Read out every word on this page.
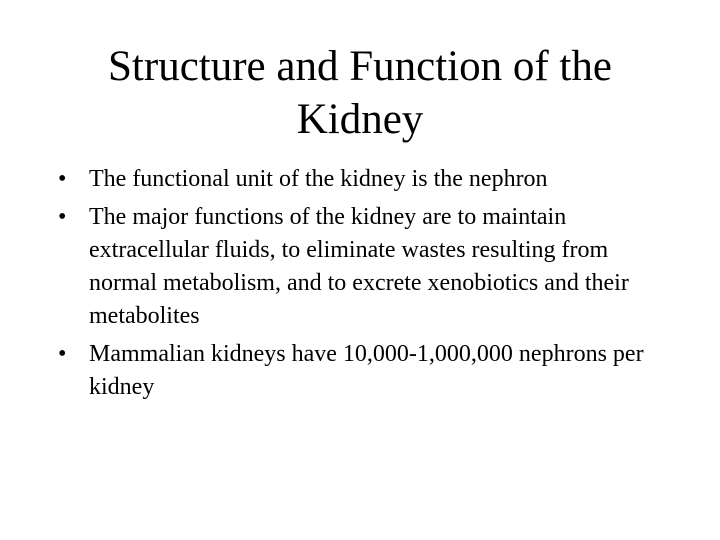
Structure and Function of the Kidney
• The functional unit of the kidney is the nephron
• The major functions of the kidney are to maintain extracellular fluids, to eliminate wastes resulting from normal metabolism, and to excrete xenobiotics and their metabolites
• Mammalian kidneys have 10,000-1,000,000 nephrons per kidney
